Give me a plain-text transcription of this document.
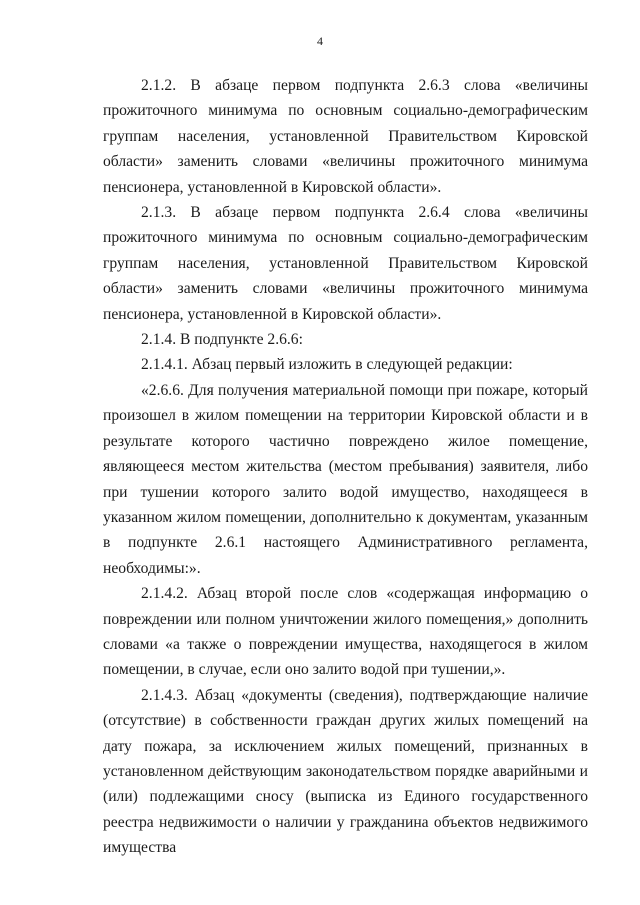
4

2.1.2. В абзаце первом подпункта 2.6.3 слова «величины прожиточного минимума по основным социально-демографическим группам населения, установленной Правительством Кировской области» заменить словами «величины прожиточного минимума пенсионера, установленной в Кировской области».

2.1.3. В абзаце первом подпункта 2.6.4 слова «величины прожиточного минимума по основным социально-демографическим группам населения, установленной Правительством Кировской области» заменить словами «величины прожиточного минимума пенсионера, установленной в Кировской области».

2.1.4. В подпункте 2.6.6:

2.1.4.1. Абзац первый изложить в следующей редакции:

«2.6.6. Для получения материальной помощи при пожаре, который произошел в жилом помещении на территории Кировской области и в результате которого частично повреждено жилое помещение, являющееся местом жительства (местом пребывания) заявителя, либо при тушении которого залито водой имущество, находящееся в указанном жилом помещении, дополнительно к документам, указанным в подпункте 2.6.1 настоящего Административного регламента, необходимы:».

2.1.4.2. Абзац второй после слов «содержащая информацию о повреждении или полном уничтожении жилого помещения,» дополнить словами «а также о повреждении имущества, находящегося в жилом помещении, в случае, если оно залито водой при тушении,».

2.1.4.3. Абзац «документы (сведения), подтверждающие наличие (отсутствие) в собственности граждан других жилых помещений на дату пожара, за исключением жилых помещений, признанных в установленном действующим законодательством порядке аварийными и (или) подлежащими сносу (выписка из Единого государственного реестра недвижимости о наличии у гражданина объектов недвижимого имущества
